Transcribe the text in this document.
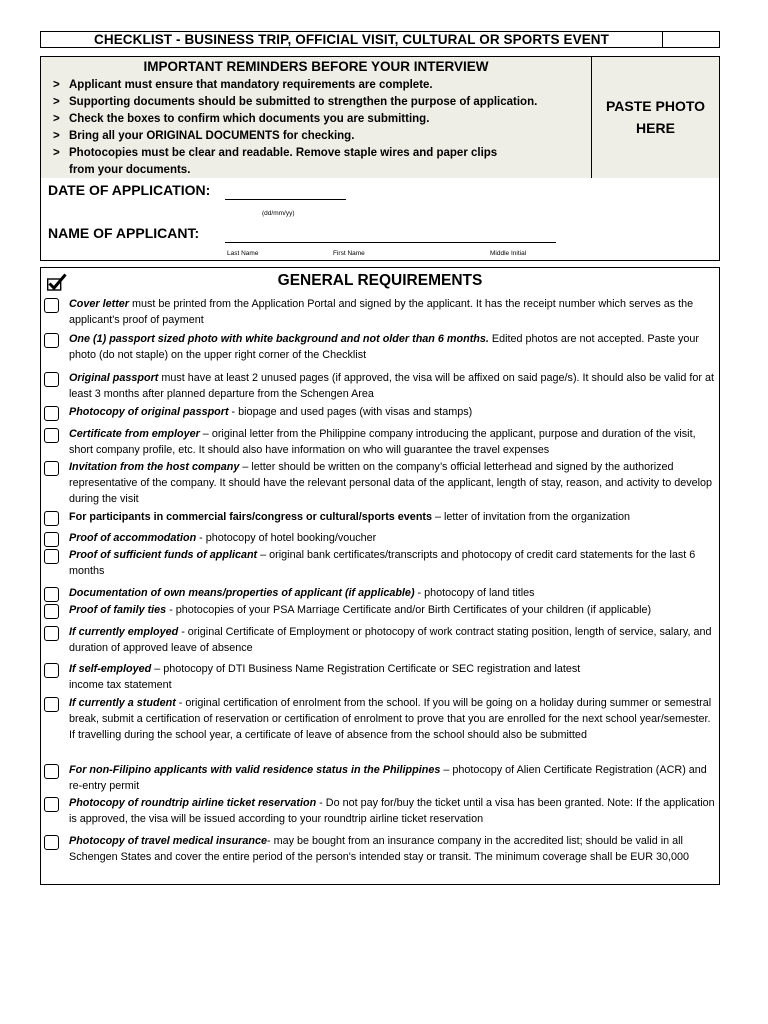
CHECKLIST - BUSINESS TRIP, OFFICIAL VISIT, CULTURAL OR SPORTS EVENT
IMPORTANT REMINDERS BEFORE YOUR INTERVIEW
> Applicant must ensure that mandatory requirements are complete.
> Supporting documents should be submitted to strengthen the purpose of application.
> Check the boxes to confirm which documents you are submitting.
> Bring all your ORIGINAL DOCUMENTS for checking.
> Photocopies must be clear and readable. Remove staple wires and paper clips
from your documents.
PASTE PHOTO
HERE
DATE OF APPLICATION:
(dd/mm/yy)
NAME OF APPLICANT:
Last Name	First Name	Middle Initial
GENERAL REQUIREMENTS
Cover letter must be printed from the Application Portal and signed by the applicant. It has the receipt number which serves as the applicant's proof of payment
One (1) passport sized photo with white background and not older than 6 months. Edited photos are not accepted. Paste your photo (do not staple) on the upper right corner of the Checklist
Original passport must have at least 2 unused pages (if approved, the visa will be affixed on said page/s). It should also be valid for at least 3 months after planned departure from the Schengen Area
Photocopy of original passport - biopage and used pages (with visas and stamps)
Certificate from employer – original letter from the Philippine company introducing the applicant, purpose and duration of the visit, short company profile, etc. It should also have information on who will guarantee the travel expenses
Invitation from the host company – letter should be written on the company’s official letterhead and signed by the authorized representative of the company. It should have the relevant personal data of the applicant, length of stay, reason, and activity to develop during the visit
For participants in commercial fairs/congress or cultural/sports events – letter of invitation from the organization
Proof of accommodation - photocopy of hotel booking/voucher
Proof of sufficient funds of applicant – original bank certificates/transcripts and photocopy of credit card statements for the last 6 months
Documentation of own means/properties of applicant (if applicable) - photocopy of land titles
Proof of family ties - photocopies of your PSA Marriage Certificate and/or Birth Certificates of your children (if applicable)
If currently employed - original Certificate of Employment or photocopy of work contract stating position, length of service, salary, and duration of approved leave of absence
If self-employed – photocopy of DTI Business Name Registration Certificate or SEC registration and latest income tax statement
If currently a student - original certification of enrolment from the school. If you will be going on a holiday during summer or semestral break, submit a certification of reservation or certification of enrolment to prove that you are enrolled for the next school year/semester. If travelling during the school year, a certificate of leave of absence from the school should also be submitted
For non-Filipino applicants with valid residence status in the Philippines – photocopy of Alien Certificate Registration (ACR) and re-entry permit
Photocopy of roundtrip airline ticket reservation - Do not pay for/buy the ticket until a visa has been granted. Note: If the application is approved, the visa will be issued according to your roundtrip airline ticket reservation
Photocopy of travel medical insurance- may be bought from an insurance company in the accredited list; should be valid in all Schengen States and cover the entire period of the person's intended stay or transit. The minimum coverage shall be EUR 30,000
